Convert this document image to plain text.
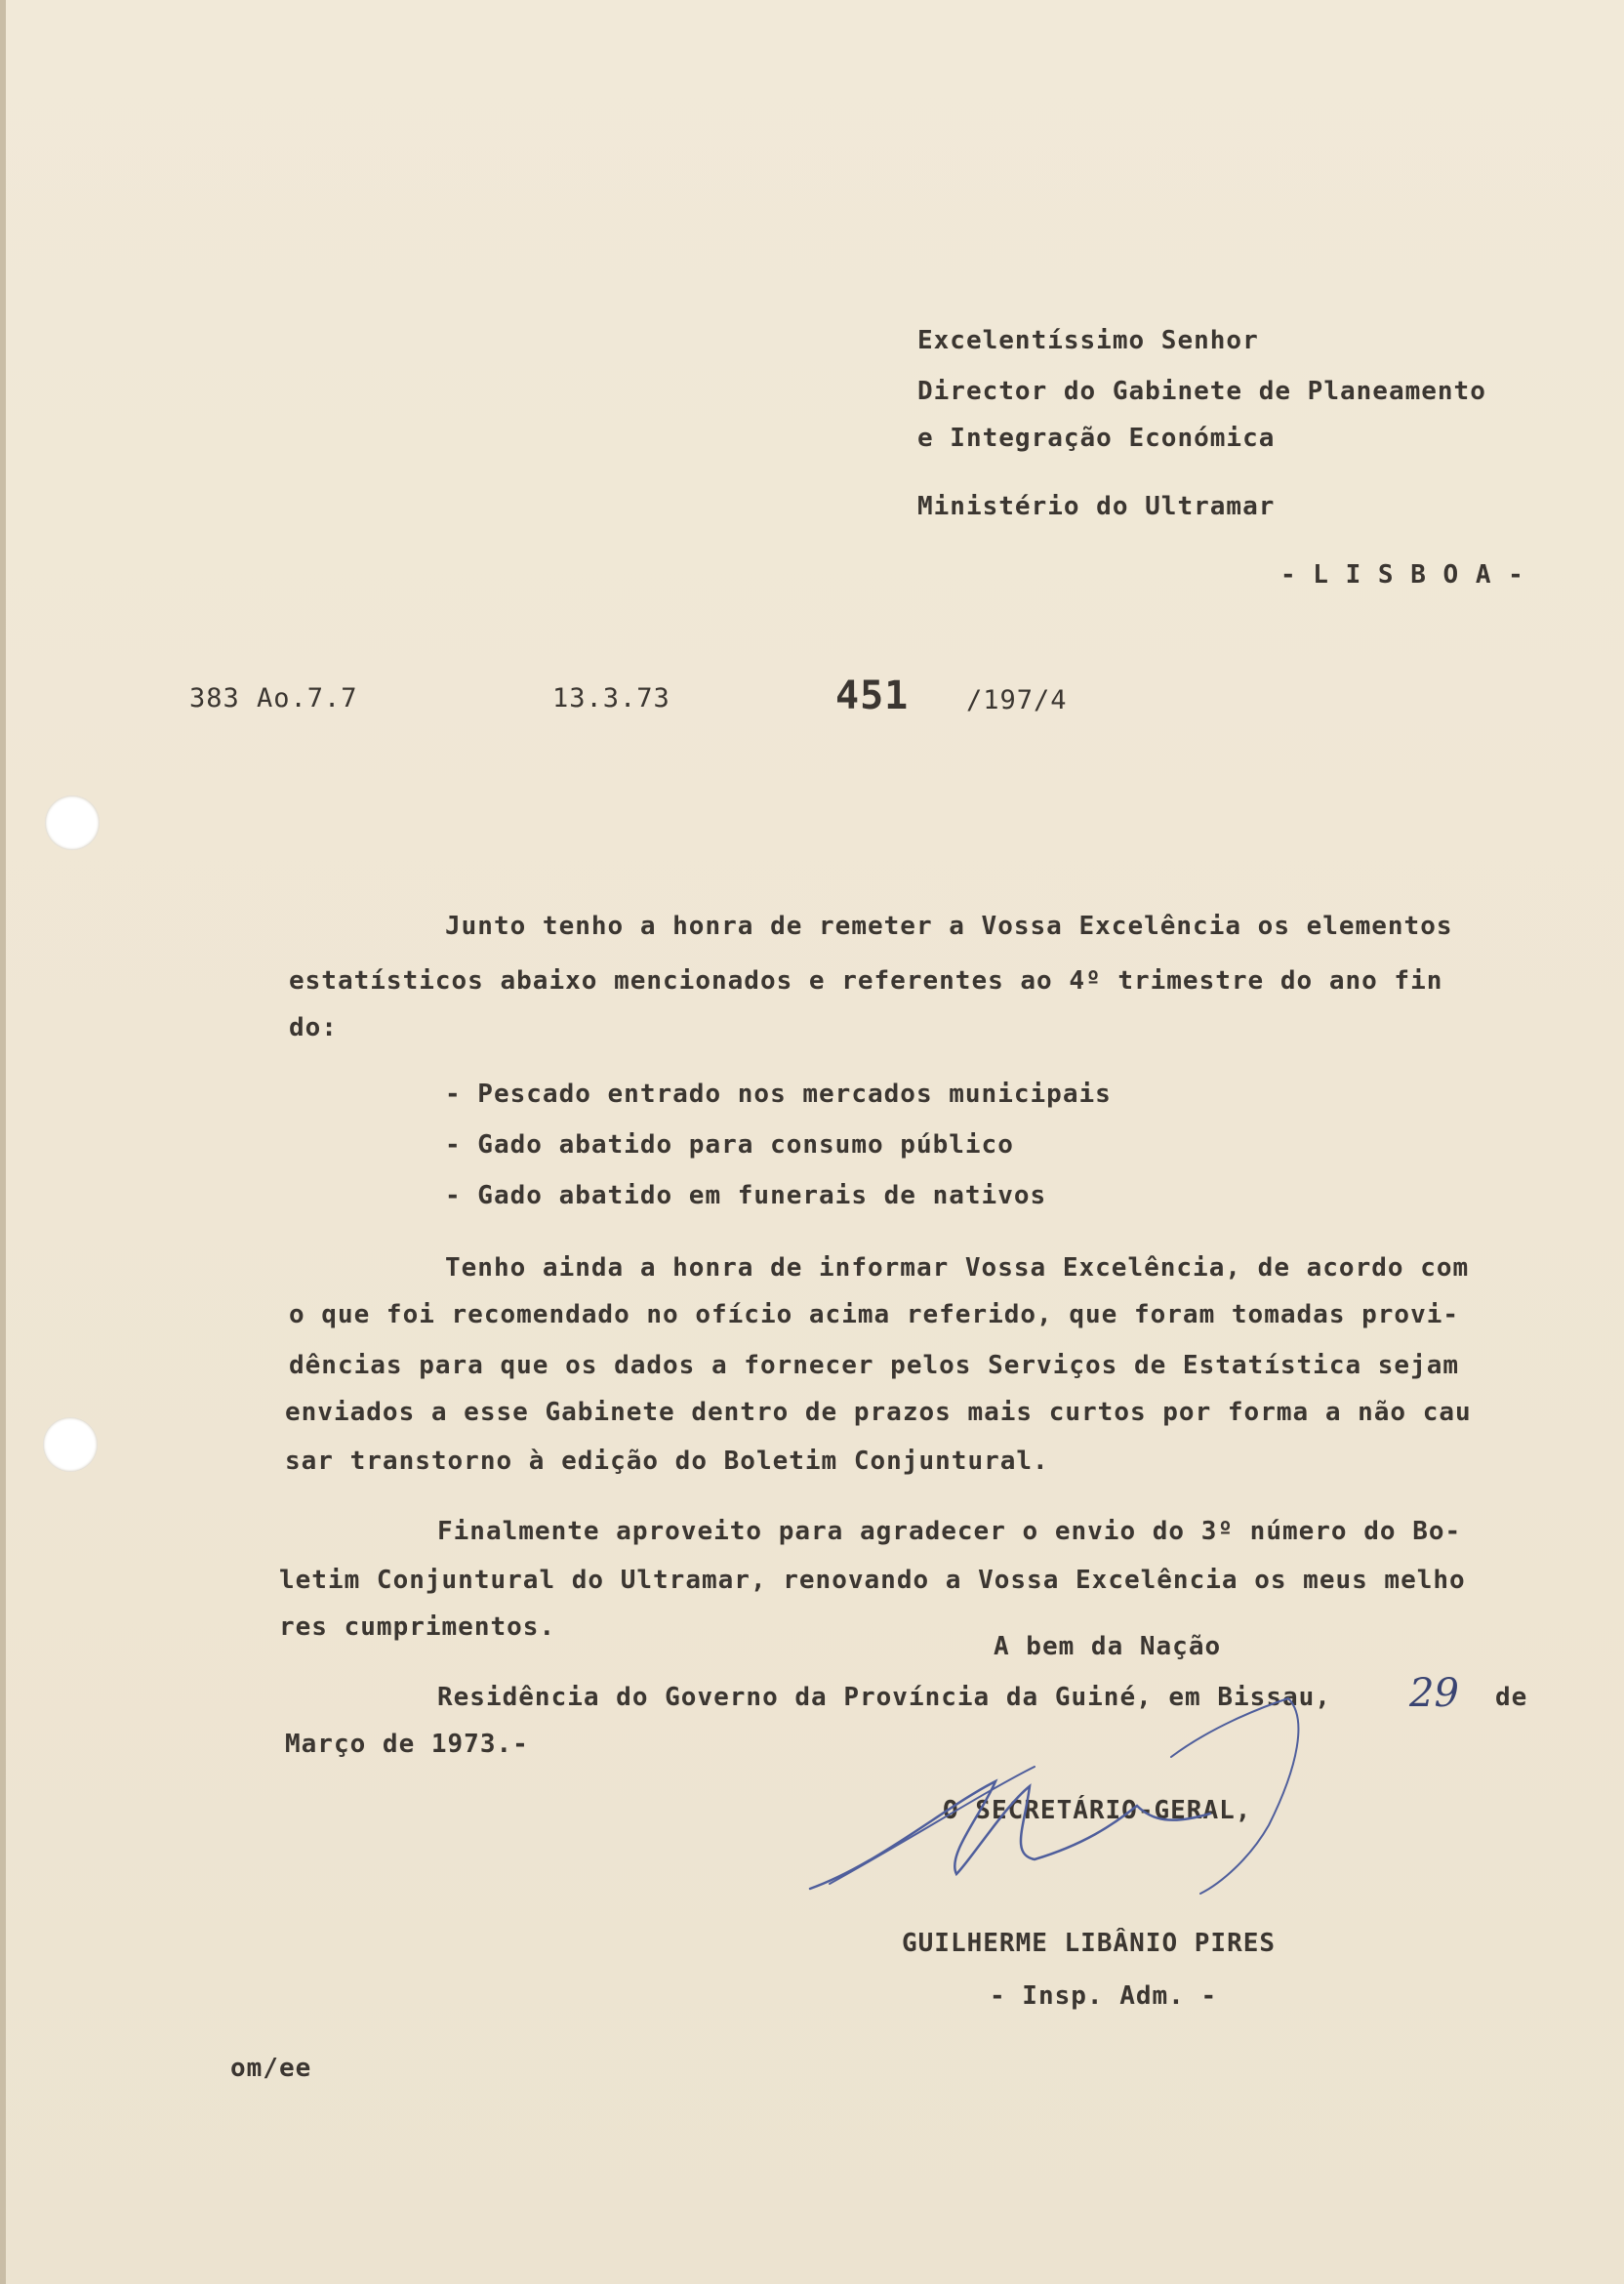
Excelentíssimo Senhor
Director do Gabinete de Planeamento
e Integração Económica
Ministério do Ultramar
- L I S B O A -
383 Ao.7.7	13.3.73	451 /197/4
Junto tenho a honra de remeter a Vossa Excelência os elementos
estatísticos abaixo mencionados e referentes ao 4º trimestre do ano fin
do:
- Pescado entrado nos mercados municipais
- Gado abatido para consumo público
- Gado abatido em funerais de nativos
Tenho ainda a honra de informar Vossa Excelência, de acordo com
o que foi recomendado no ofício acima referido, que foram tomadas provi-
dências para que os dados a fornecer pelos Serviços de Estatística sejam
enviados a esse Gabinete dentro de prazos mais curtos por forma a não cau
sar transtorno à edição do Boletim Conjuntural.
Finalmente aproveito para agradecer o envio do 3º número do Bo-
letim Conjuntural do Ultramar, renovando a Vossa Excelência os meus melho
res cumprimentos.
A bem da Nação
Residência do Governo da Província da Guiné, em Bissau, 29 de
Março de 1973.-
O SECRETÁRIO-GERAL,
GUILHERME LIBÂNIO PIRES
- Insp. Adm. -
om/ee
